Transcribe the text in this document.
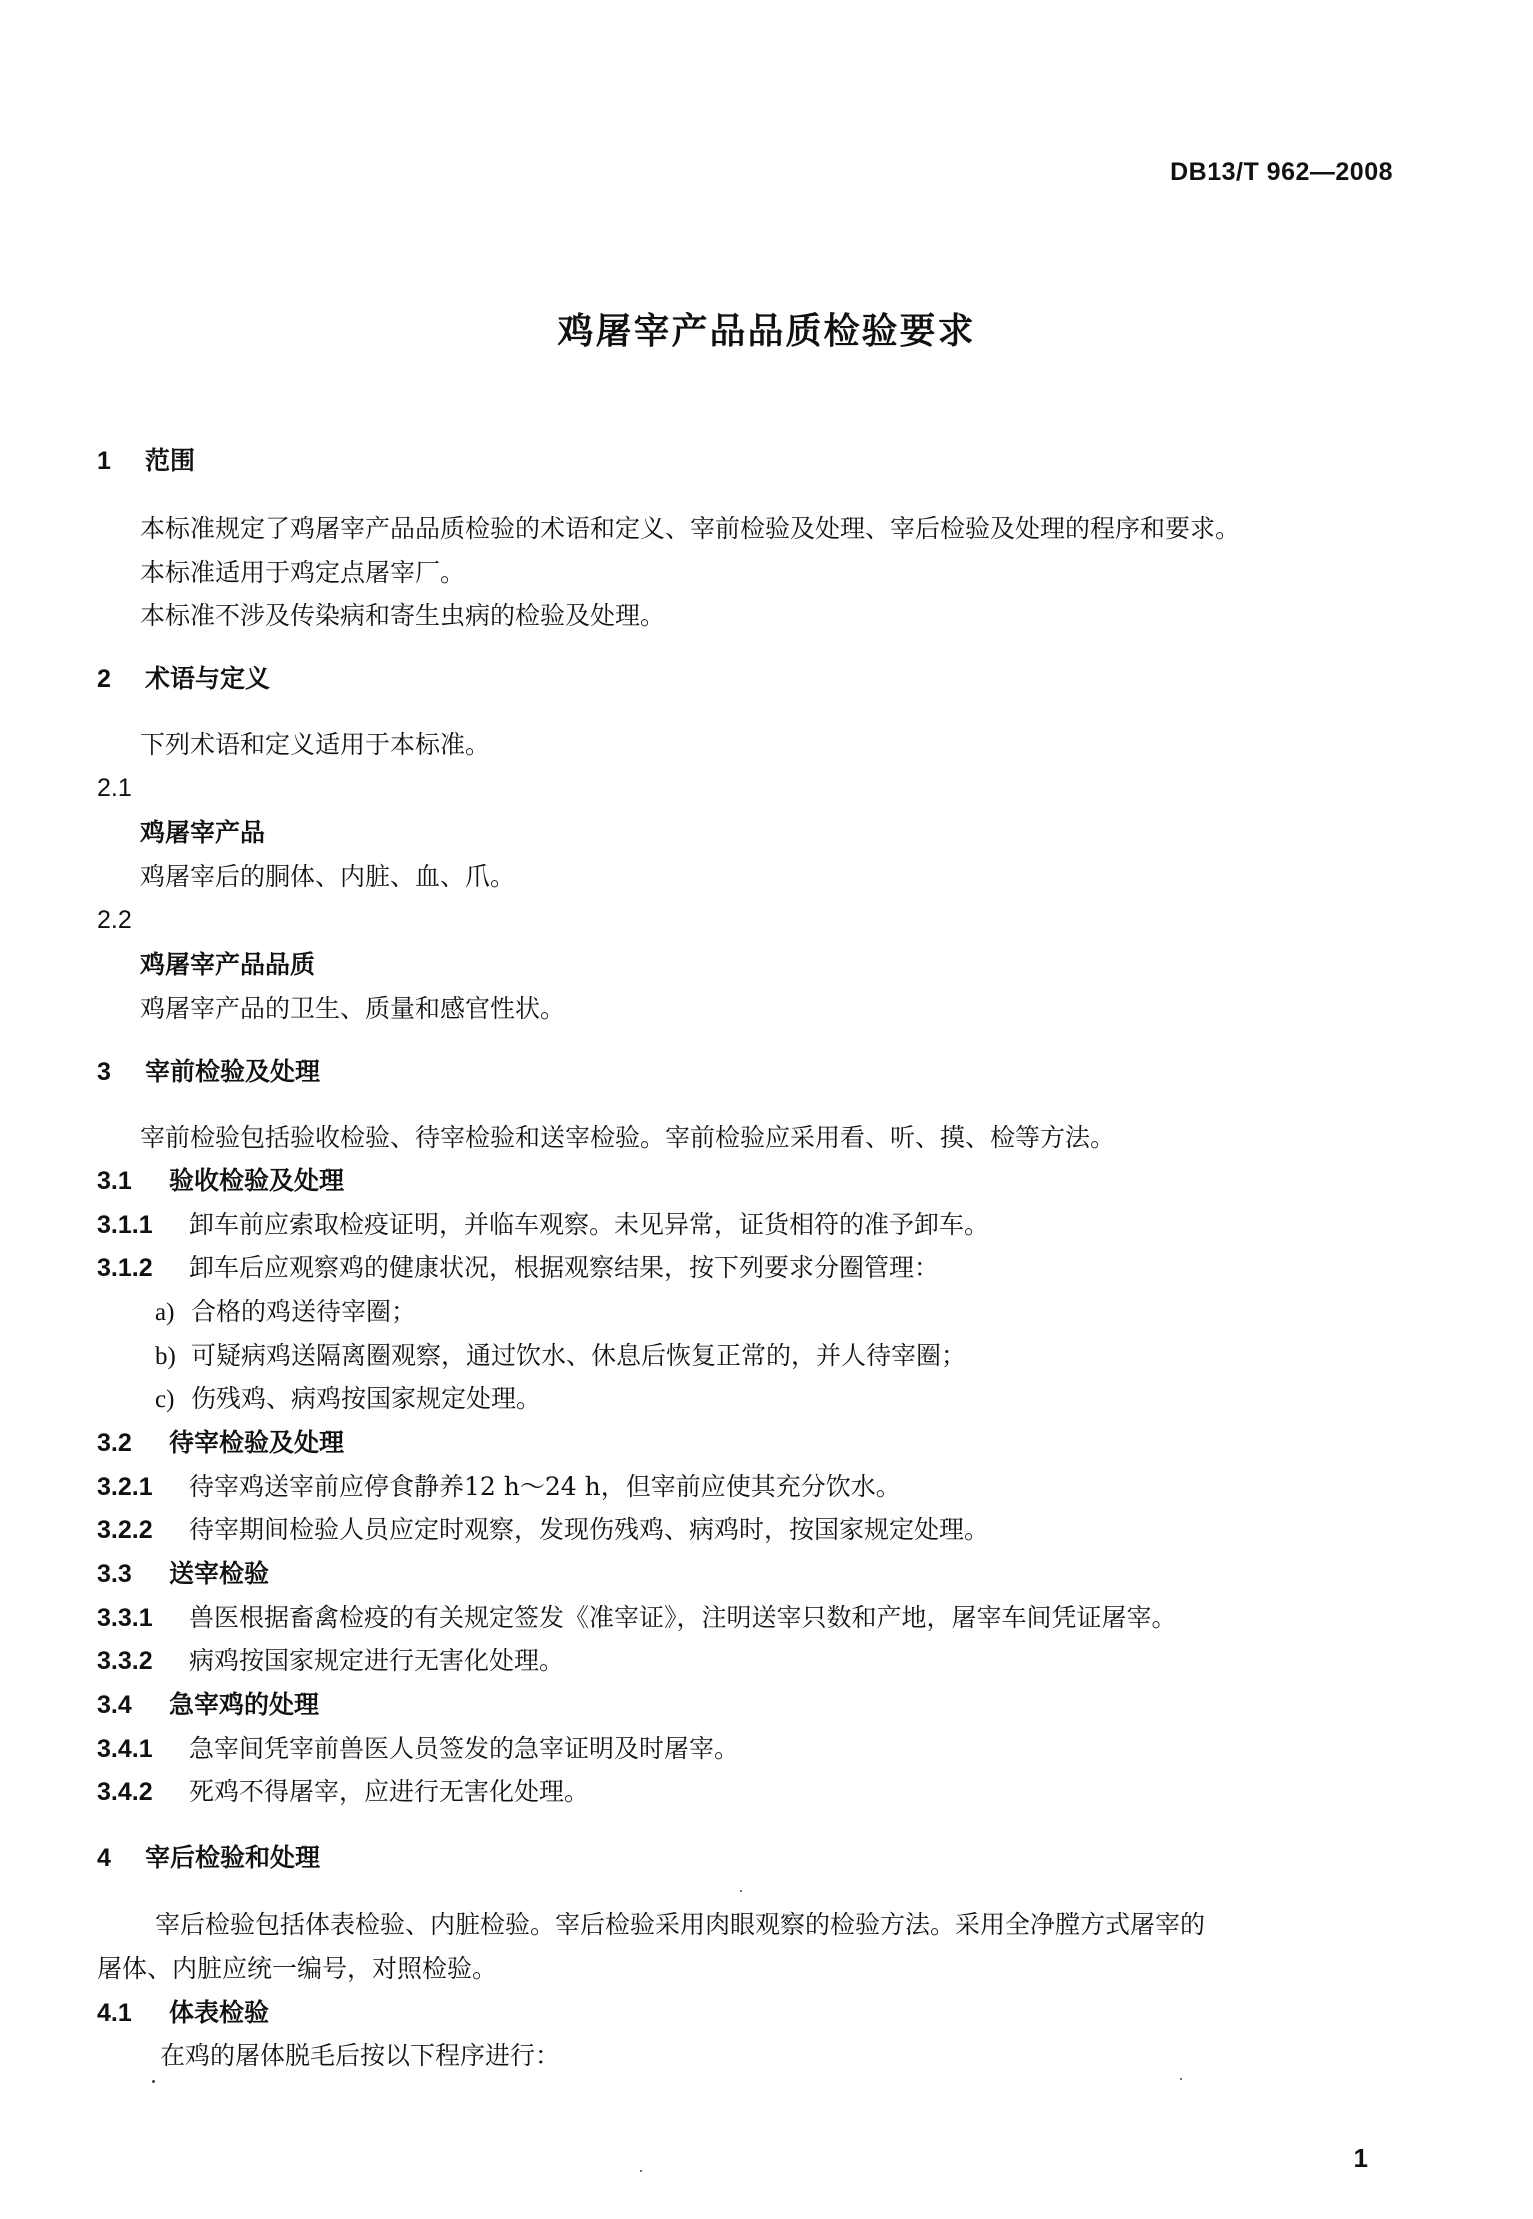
DB13/T 962—2008
鸡屠宰产品品质检验要求
1 范围
本标准规定了鸡屠宰产品品质检验的术语和定义、宰前检验及处理、宰后检验及处理的程序和要求。
本标准适用于鸡定点屠宰厂。
本标准不涉及传染病和寄生虫病的检验及处理。
2 术语与定义
下列术语和定义适用于本标准。
2.1
鸡屠宰产品
鸡屠宰后的胴体、内脏、血、爪。
2.2
鸡屠宰产品品质
鸡屠宰产品的卫生、质量和感官性状。
3 宰前检验及处理
宰前检验包括验收检验、待宰检验和送宰检验。宰前检验应采用看、听、摸、检等方法。
3.1 验收检验及处理
3.1.1 卸车前应索取检疫证明，并临车观察。未见异常，证货相符的准予卸车。
3.1.2 卸车后应观察鸡的健康状况，根据观察结果，按下列要求分圈管理：
a) 合格的鸡送待宰圈；
b) 可疑病鸡送隔离圈观察，通过饮水、休息后恢复正常的，并人待宰圈；
c) 伤残鸡、病鸡按国家规定处理。
3.2 待宰检验及处理
3.2.1 待宰鸡送宰前应停食静养12 h～24 h，但宰前应使其充分饮水。
3.2.2 待宰期间检验人员应定时观察，发现伤残鸡、病鸡时，按国家规定处理。
3.3 送宰检验
3.3.1 兽医根据畜禽检疫的有关规定签发《准宰证》，注明送宰只数和产地，屠宰车间凭证屠宰。
3.3.2 病鸡按国家规定进行无害化处理。
3.4 急宰鸡的处理
3.4.1 急宰间凭宰前兽医人员签发的急宰证明及时屠宰。
3.4.2 死鸡不得屠宰，应进行无害化处理。
4 宰后检验和处理
宰后检验包括体表检验、内脏检验。宰后检验采用肉眼观察的检验方法。采用全净膛方式屠宰的
屠体、内脏应统一编号，对照检验。
4.1 体表检验
在鸡的屠体脱毛后按以下程序进行：
1
